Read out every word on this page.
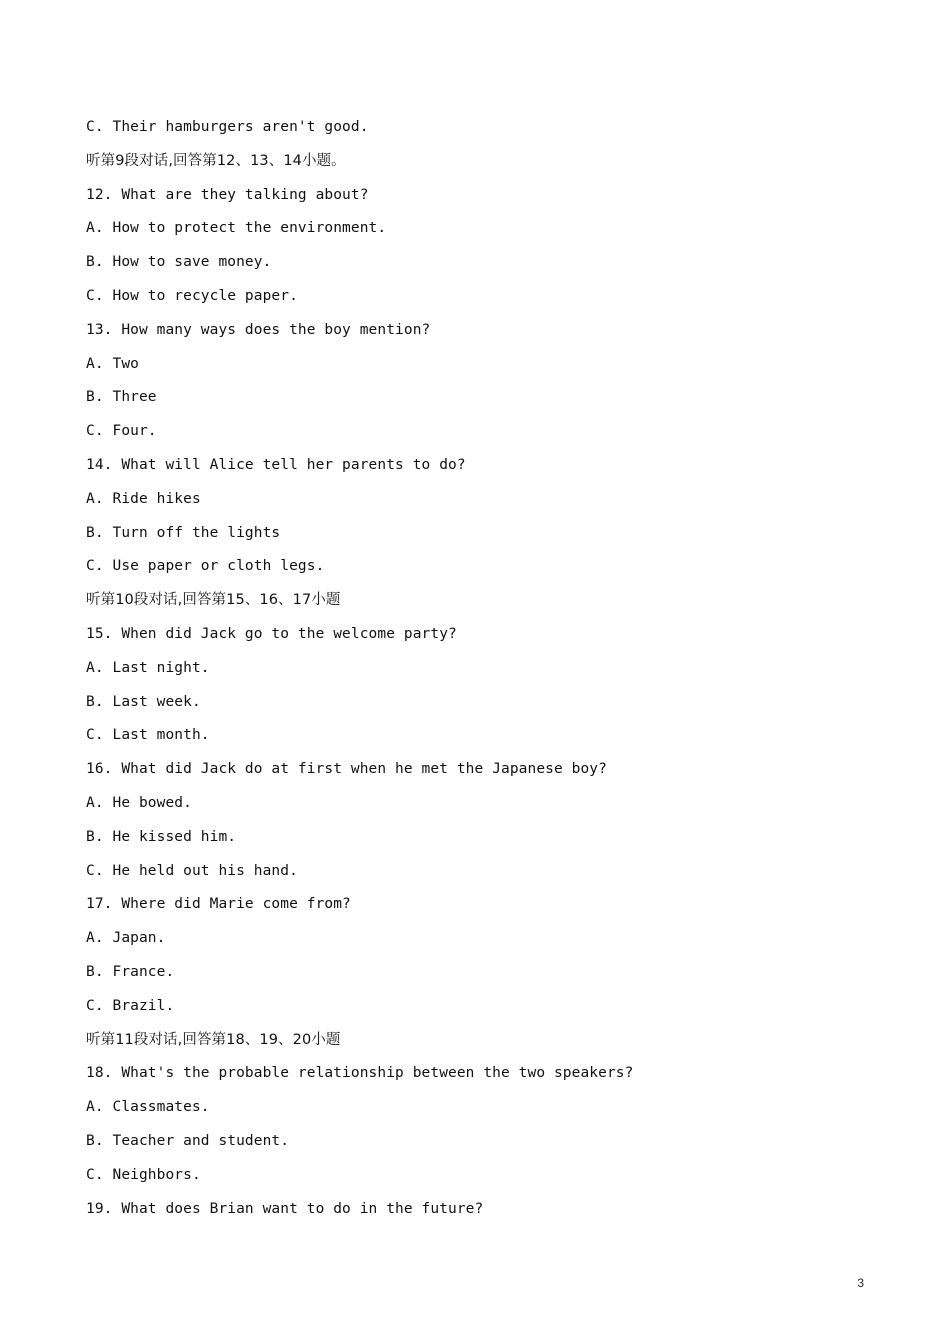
C. Their hamburgers aren't good.
听第9段对话,回答第12、13、14小题。
12. What are they talking about?
A. How to protect the environment.
B. How to save money.
C. How to recycle paper.
13. How many ways does the boy mention?
A. Two
B. Three
C. Four.
14. What will Alice tell her parents to do?
A. Ride hikes
B. Turn off the lights
C. Use paper or cloth legs.
听第10段对话,回答第15、16、17小题
15. When did Jack go to the welcome party?
A. Last night.
B. Last week.
C. Last month.
16. What did Jack do at first when he met the Japanese boy?
A. He bowed.
B. He kissed him.
C. He held out his hand.
17. Where did Marie come from?
A. Japan.
B. France.
C. Brazil.
听第11段对话,回答第18、19、20小题
18. What's the probable relationship between the two speakers?
A. Classmates.
B. Teacher and student.
C. Neighbors.
19. What does Brian want to do in the future?
3
